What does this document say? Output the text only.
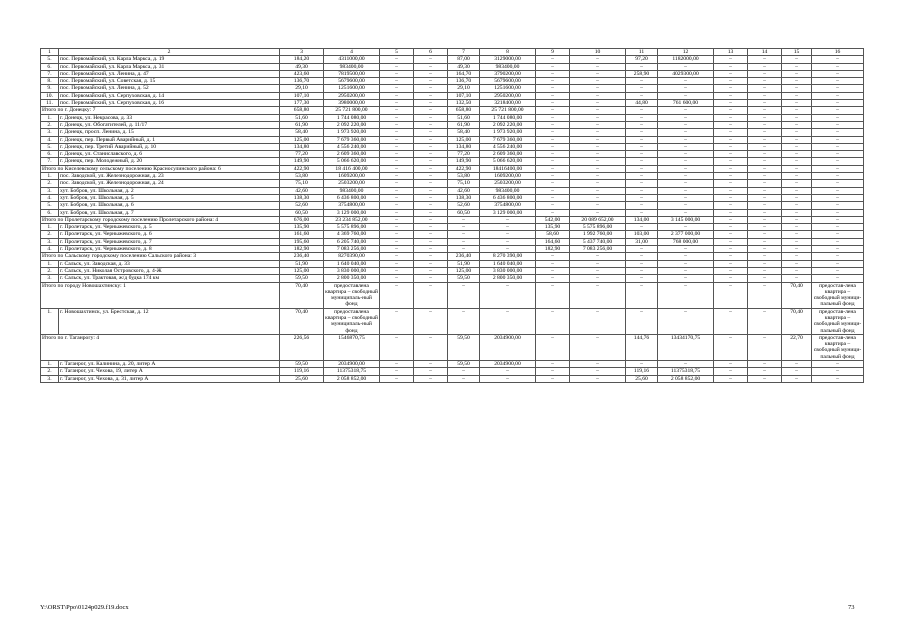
1	2	3	4	5	6	7	8	9	10	11	12	13	14	15	16
5.	пос. Первомайский, ул. Карла Маркса, д. 19	184,20	4311000,00	–	–	87,00	3129000,00	–	–	97,20	1182000,00	–	–	–	–
6.	пос. Первомайский, ул. Карла Маркса, д. 31	49,30	983400,00	–	–	49,30	983400,00	–	–	–	–	–	–	–	–
7.	пос. Первомайский, ул. Ленина, д. 47	423,60	7819500,00	–	–	164,70	3790200,00	–	–	258,90	4029300,00	–	–	–	–
8.	пос. Первомайский, ул. Советская, д. 15	136,70	5679600,00	–	–	136,70	5679600,00	–	–	–	–	–	–	–	–
9.	пос. Первомайский, ул. Ленина, д. 52	29,10	1251600,00	–	–	29,10	1251600,00	–	–	–	–	–	–	–	–
10.	пос. Первомайский, ул. Серпуховская, д. 14	107,10	2950200,00	–	–	107,10	2950200,00	–	–	–	–	–	–	–	–
11.	пос. Первомайский, ул. Серпуховская, д. 16	177,30	3980000,00	–	–	132,50	3218400,00	–	–	44,80	761 600,00	–	–	–	–
Итого по г. Донецку: 7		658,80	25 721 800,00	–	–	658,80	25 721 800,00	–	–	–	–	–	–	–	–
1.	г. Донецк, ул. Некрасова, д. 33	51,60	1 744 080,00	–	–	51,60	1 744 080,00	–	–	–	–	–	–	–	–
2.	г. Донецк, ул. Обогатителей, д. 11/17	61,90	2 092 220,00	–	–	61,90	2 092 220,00	–	–	–	–	–	–	–	–
3.	г. Донецк, просп. Ленина, д. 15	58,40	1 973 920,00	–	–	58,40	1 973 920,00	–	–	–	–	–	–	–	–
4.	г. Донецк, пер. Первый Аварийный, д. 1	125,00	7 679 360,00	–	–	125,00	7 679 360,00	–	–	–	–	–	–	–	–
5.	г. Донецк, пер. Третий Аварийный, д. 10	134,80	4 556 240,00	–	–	134,80	4 556 240,00	–	–	–	–	–	–	–	–
6.	г. Донецк, ул. Станиславского, д. 6	77,20	2 609 360,00	–	–	77,20	2 609 360,00	–	–	–	–	–	–	–	–
7.	г. Донецк, пер. Молодежный, д. 20	149,90	5 066 620,00	–	–	149,90	5 066 620,00	–	–	–	–	–	–	–	–
Итого по Киселевскому сельскому поселению Красносулинского района: 6		422,90	18 416 400,00	–	–	422,90	18416400,00	–	–	–	–	–	–	–	–
1.	пос. Заводской, ул. Железнодорожная, д. 23	53,80	1609200,00	–	–	53,80	1609200,00	–	–	–	–	–	–	–	–
2.	пос. Заводской, ул. Железнодорожная, д. 24	75,10	2503200,00	–	–	75,10	2503200,00	–	–	–	–	–	–	–	–
3.	хут. Бобров, ул. Школьная, д. 2	42,60	983400,00	–	–	42,60	983400,00	–	–	–	–	–	–	–	–
4.	хут. Бобров, ул. Школьная, д. 5	138,30	6 436 800,00	–	–	138,30	6 436 800,00	–	–	–	–	–	–	–	–
5.	хут. Бобров, ул. Школьная, д. 6	52,60	3754800,00	–	–	52,60	3754800,00	–	–	–	–	–	–	–	–
6.	хут. Бобров, ул. Школьная, д. 7	60,50	3 129 000,00	–	–	60,50	3 129 000,00	–	–	–	–	–	–	–	–
Итого по Пролетарскому городскому поселению Пролетарского района: 4		676,00	23 234 852,00	–	–	–	–	542,00	20 089 652,00	134,00	3 145 000,00	–	–	–	–
1.	г. Пролетарск, ул. Черныжевского, д. 5	135,90	5 575 896,00	–	–	–	–	135,90	5 575 896,00	–	–	–	–	–	–
2.	г. Пролетарск, ул. Черныжевского, д. 6	161,60	4 369 760,00	–	–	–	–	58,60	1 992 760,00	103,00	2 377 000,00	–	–	–	–
3.	г. Пролетарск, ул. Черныжевского, д. 7	195,60	6 205 740,00	–	–	–	–	164,60	5 437 740,00	31,00	768 000,00	–	–	–	–
4.	г. Пролетарск, ул. Черныжевского, д. 8	182,90	7 083 256,00	–	–	–	–	182,90	7 083 256,00	–	–	–	–	–	–
Итого по Сальскому городскому поселению Сальского района: 3		236,40	8270390,00	–	–	236,40	8 270 390,00	–	–	–	–	–	–	–	–
1.	г. Сальск, ул. Заводская, д. 33	51,90	1 640 040,00	–	–	51,90	1 640 040,00	–	–	–	–	–	–	–	–
2.	г. Сальск, ул. Николая Островского, д. 4-Ж	125,00	3 830 000,00	–	–	125,00	3 830 000,00	–	–	–	–	–	–	–	–
3.	г. Сальск, ул. Трактовая, ж/д будка 174 км	59,50	2 800 350,00	–	–	59,50	2 800 350,00	–	–	–	–	–	–	–	–
Итого по городу Новошахтинску: 1		70,40	предоставлена квартира – свободный муниципаль-ный фонд	–	–	–	–	–	–	–	–	–	–	70,40	предостав-лена квартира – свободный муници-пальный фонд
1.	г. Новошахтинск, ул. Брестская, д. 12	70,40	предоставлена квартира – свободный муниципаль-ный фонд	–	–	–	–	–	–	–	–	–	–	70,40	предостав-лена квартира – свободный муници-пальный фонд
Итого по г. Таганрогу: 4		226,56	1546870,75	–	–	59,50	2034900,00	–	–	144,76	13434170,75	–	–	22,70	предостав-лена квартира – свободный муници-пальный фонд
1.	г. Таганрог, ул. Калинина, д. 20, литер А	59,50	2034900,00	–	–	59,50	2034900,00	–	–	–	–	–	–	–	–
2.	г. Таганрог, ул. Чехова, 19, литер А	119,16	11375318,75	–	–	–	–	–	–	119,16	11375318,75	–	–	–	–
3.	г. Таганрог, ул. Чехова, д. 31, литер А	25,60	2 058 852,00	–	–	–	–	–	–	25,60	2 058 852,00	–	–	–	–
Y:\ORST\Ppo\0124p029.f19.docx	73
